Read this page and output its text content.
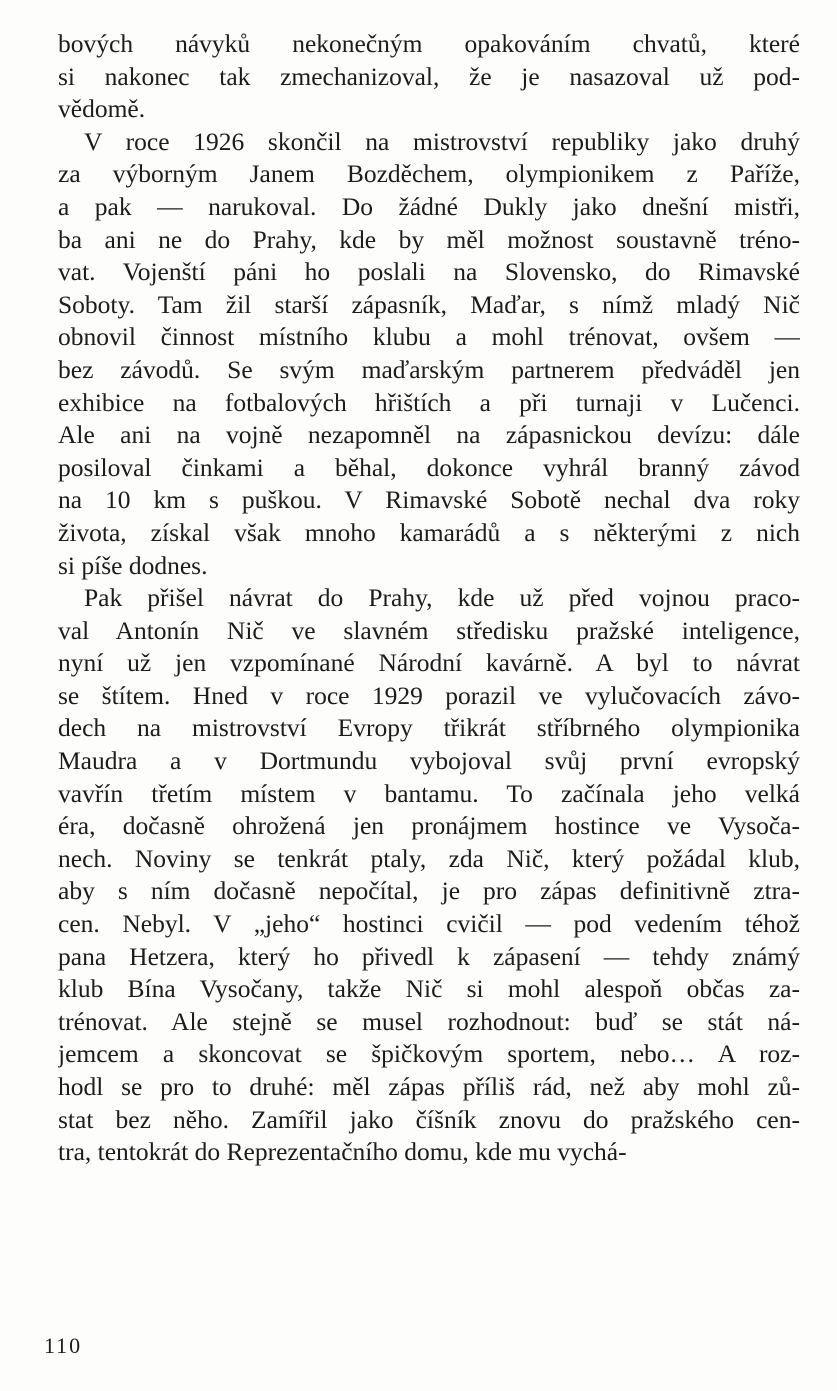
bových návyků nekonečným opakováním chvatů, které
si nakonec tak zmechanizoval, že je nasazoval už pod-
vědomě.
V roce 1926 skončil na mistrovství republiky jako druhý
za výborným Janem Bozděchem, olympionikem z Paříže,
a pak — narukoval. Do žádné Dukly jako dnešní mistři,
ba ani ne do Prahy, kde by měl možnost soustavně tréno-
vat. Vojenští páni ho poslali na Slovensko, do Rimavské
Soboty. Tam žil starší zápasník, Maďar, s nímž mladý Nič
obnovil činnost místního klubu a mohl trénovat, ovšem —
bez závodů. Se svým maďarským partnerem předváděl jen
exhibice na fotbalových hřištích a při turnaji v Lučenci.
Ale ani na vojně nezapomněl na zápasnickou devízu: dále
posiloval činkami a běhal, dokonce vyhrál branný závod
na 10 km s puškou. V Rimavské Sobotě nechal dva roky
života, získal však mnoho kamarádů a s některými z nich
si píše dodnes.
Pak přišel návrat do Prahy, kde už před vojnou praco-
val Antonín Nič ve slavném středisku pražské inteligence,
nyní už jen vzpomínané Národní kavárně. A byl to návrat
se štítem. Hned v roce 1929 porazil ve vylučovacích závo-
dech na mistrovství Evropy třikrát stříbrného olympionika
Maudra a v Dortmundu vybojoval svůj první evropský
vavřín třetím místem v bantamu. To začínala jeho velká
éra, dočasně ohrožená jen pronájmem hostince ve Vysoča-
nech. Noviny se tenkrát ptaly, zda Nič, který požádal klub,
aby s ním dočasně nepočítal, je pro zápas definitivně ztra-
cen. Nebyl. V „jeho“ hostinci cvičil — pod vedením téhož
pana Hetzera, který ho přivedl k zápasení — tehdy známý
klub Bína Vysočany, takže Nič si mohl alespoň občas za-
trénovat. Ale stejně se musel rozhodnout: buď se stát ná-
jemcem a skoncovat se špičkovým sportem, nebo… A roz-
hodl se pro to druhé: měl zápas příliš rád, než aby mohl zů-
stat bez něho. Zamířil jako číšník znovu do pražského cen-
tra, tentokrát do Reprezentačního domu, kde mu vychá-
110
